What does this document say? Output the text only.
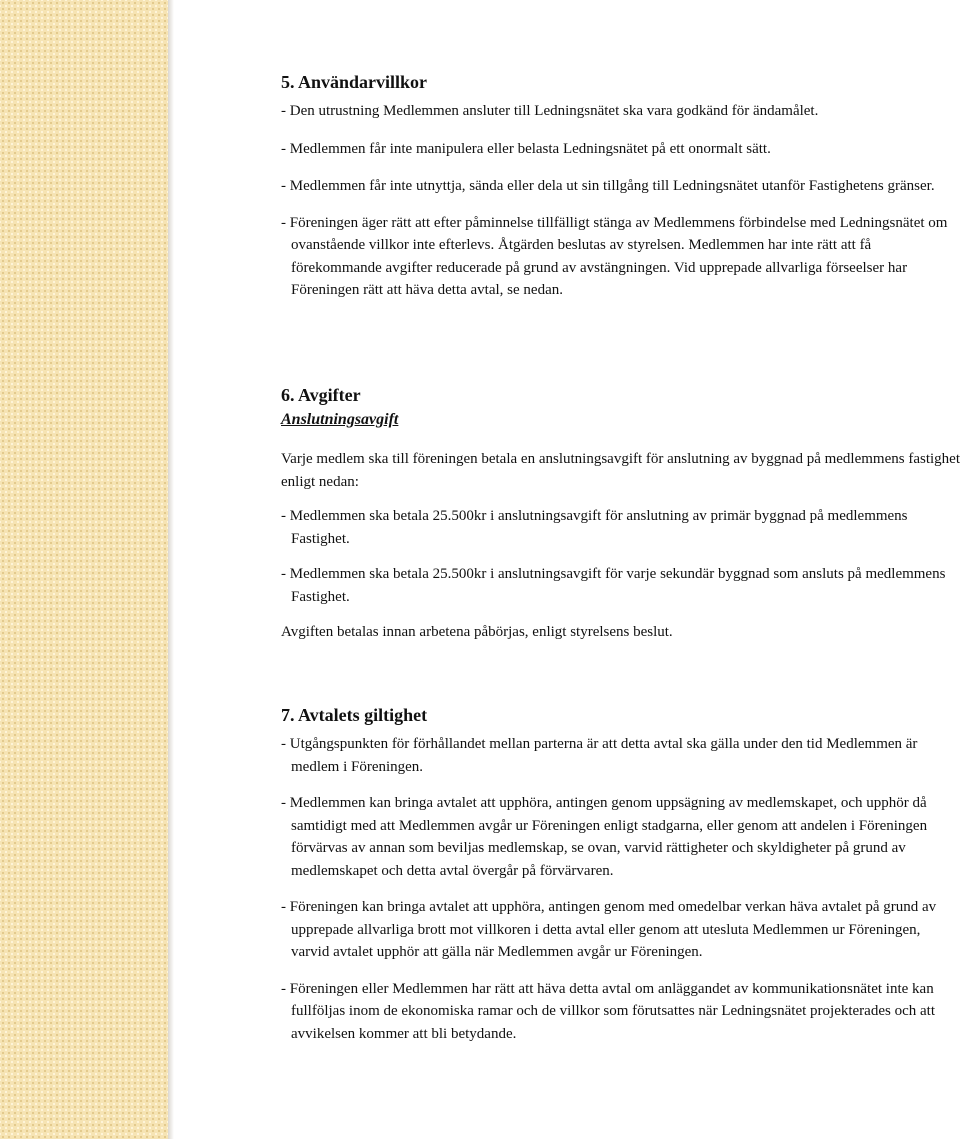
5. Användarvillkor

- Den utrustning Medlemmen ansluter till Ledningsnätet ska vara godkänd för ändamålet.

- Medlemmen får inte manipulera eller belasta Ledningsnätet på ett onormalt sätt.

- Medlemmen får inte utnyttja, sända eller dela ut sin tillgång till Ledningsnätet utanför Fastighetens gränser.

- Föreningen äger rätt att efter påminnelse tillfälligt stänga av Medlemmens förbindelse med Ledningsnätet om ovanstående villkor inte efterlevs. Åtgärden beslutas av styrelsen. Medlemmen har inte rätt att få förekommande avgifter reducerade på grund av avstängningen. Vid upprepade allvarliga förseelser har Föreningen rätt att häva detta avtal, se nedan.

6. Avgifter
Anslutningsavgift

Varje medlem ska till föreningen betala en anslutningsavgift för anslutning av byggnad på medlemmens fastighet enligt nedan:

- Medlemmen ska betala 25.500kr i anslutningsavgift för anslutning av primär byggnad på medlemmens Fastighet.

- Medlemmen ska betala 25.500kr i anslutningsavgift för varje sekundär byggnad som ansluts på medlemmens Fastighet.

Avgiften betalas innan arbetena påbörjas, enligt styrelsens beslut.

7. Avtalets giltighet

- Utgångspunkten för förhållandet mellan parterna är att detta avtal ska gälla under den tid Medlemmen är medlem i Föreningen.

- Medlemmen kan bringa avtalet att upphöra, antingen genom uppsägning av medlemskapet, och upphör då samtidigt med att Medlemmen avgår ur Föreningen enligt stadgarna, eller genom att andelen i Föreningen förvärvas av annan som beviljas medlemskap, se ovan, varvid rättigheter och skyldigheter på grund av medlemskapet och detta avtal övergår på förvärvaren.

- Föreningen kan bringa avtalet att upphöra, antingen genom med omedelbar verkan häva avtalet på grund av upprepade allvarliga brott mot villkoren i detta avtal eller genom att utesluta Medlemmen ur Föreningen, varvid avtalet upphör att gälla när Medlemmen avgår ur Föreningen.

- Föreningen eller Medlemmen har rätt att häva detta avtal om anläggandet av kommunikationsnätet inte kan fullföljas inom de ekonomiska ramar och de villkor som förutsattes när Ledningsnätet projekterades och att avvikelsen kommer att bli betydande.
